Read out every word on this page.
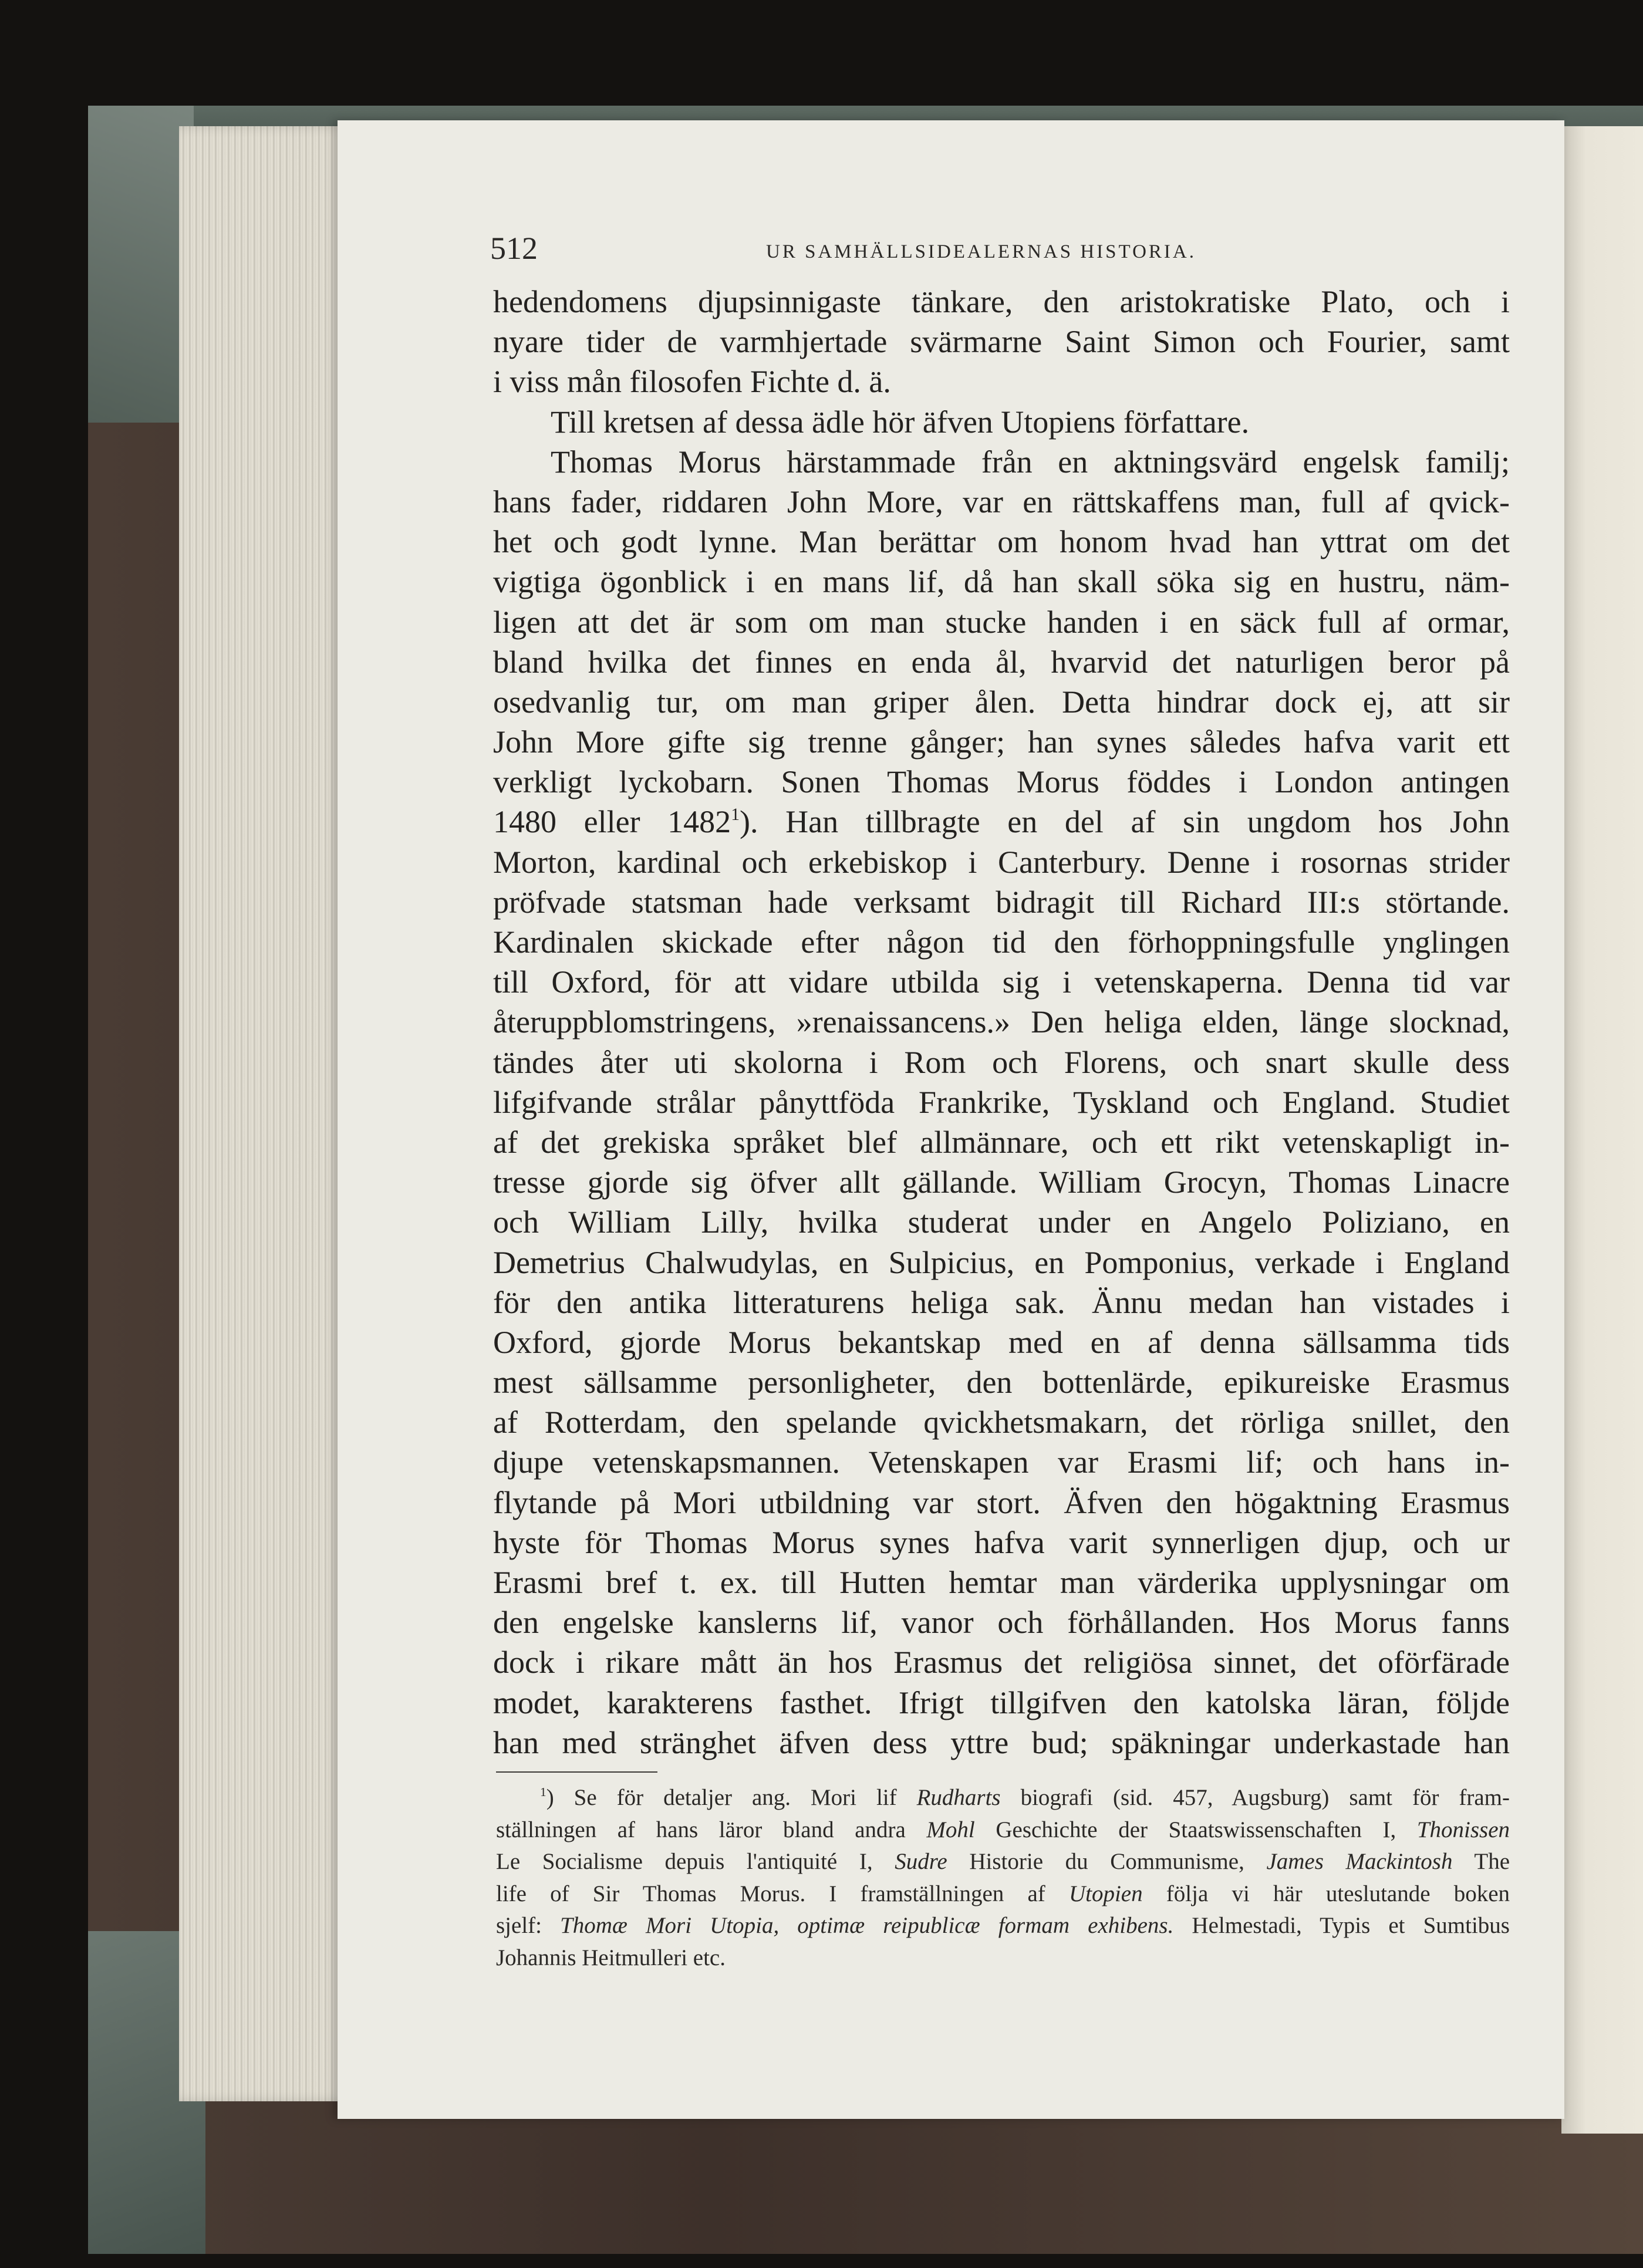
512	UR SAMHÄLLSIDEALERNAS HISTORIA.
hedendomens djupsinnigaste tänkare, den aristokratiske Plato, och i
nyare tider de varmhjertade svärmarne Saint Simon och Fourier, samt
i viss mån filosofen Fichte d. ä.
Till kretsen af dessa ädle hör äfven Utopiens författare.
Thomas Morus härstammade från en aktningsvärd engelsk familj;
hans fader, riddaren John More, var en rättskaffens man, full af qvick-
het och godt lynne. Man berättar om honom hvad han yttrat om det
vigtiga ögonblick i en mans lif, då han skall söka sig en hustru, näm-
ligen att det är som om man stucke handen i en säck full af ormar,
bland hvilka det finnes en enda ål, hvarvid det naturligen beror på
osedvanlig tur, om man griper ålen. Detta hindrar dock ej, att sir
John More gifte sig trenne gånger; han synes således hafva varit ett
verkligt lyckobarn. Sonen Thomas Morus föddes i London antingen
1480 eller 1482$^1$). Han tillbragte en del af sin ungdom hos John
Morton, kardinal och erkebiskop i Canterbury. Denne i rosornas strider
pröfvade statsman hade verksamt bidragit till Richard III:s störtande.
Kardinalen skickade efter någon tid den förhoppningsfulle ynglingen
till Oxford, för att vidare utbilda sig i vetenskaperna. Denna tid var
återuppblomstringens, »renaissancens.» Den heliga elden, länge slocknad,
tändes åter uti skolorna i Rom och Florens, och snart skulle dess
lifgifvande strålar pånyttföda Frankrike, Tyskland och England. Studiet
af det grekiska språket blef allmännare, och ett rikt vetenskapligt in-
tresse gjorde sig öfver allt gällande. William Grocyn, Thomas Linacre
och William Lilly, hvilka studerat under en Angelo Poliziano, en
Demetrius Chalwudylas, en Sulpicius, en Pomponius, verkade i England
för den antika litteraturens heliga sak. Ännu medan han vistades i
Oxford, gjorde Morus bekantskap med en af denna sällsamma tids
mest sällsamme personligheter, den bottenlärde, epikureiske Erasmus
af Rotterdam, den spelande qvickhetsmakarn, det rörliga snillet, den
djupe vetenskapsmannen. Vetenskapen var Erasmi lif; och hans in-
flytande på Mori utbildning var stort. Äfven den högaktning Erasmus
hyste för Thomas Morus synes hafva varit synnerligen djup, och ur
Erasmi bref t. ex. till Hutten hemtar man värderika upplysningar om
den engelske kanslerns lif, vanor och förhållanden. Hos Morus fanns
dock i rikare mått än hos Erasmus det religiösa sinnet, det oförfärade
modet, karakterens fasthet. Ifrigt tillgifven den katolska läran, följde
han med stränghet äfven dess yttre bud; späkningar underkastade han
$^1$) Se för detaljer ang. Mori lif Rudharts biografi (sid. 457, Augsburg) samt för fram-
ställningen af hans läror bland andra Mohl Geschichte der Staatswissenschaften I, Thonissen
Le Socialisme depuis l'antiquité I, Sudre Historie du Communisme, James Mackintosh The
life of Sir Thomas Morus. I framställningen af Utopien följa vi här uteslutande boken
sjelf: Thomæ Mori Utopia, optimæ reipublicæ formam exhibens. Helmestadi, Typis et Sumtibus
Johannis Heitmulleri etc.
